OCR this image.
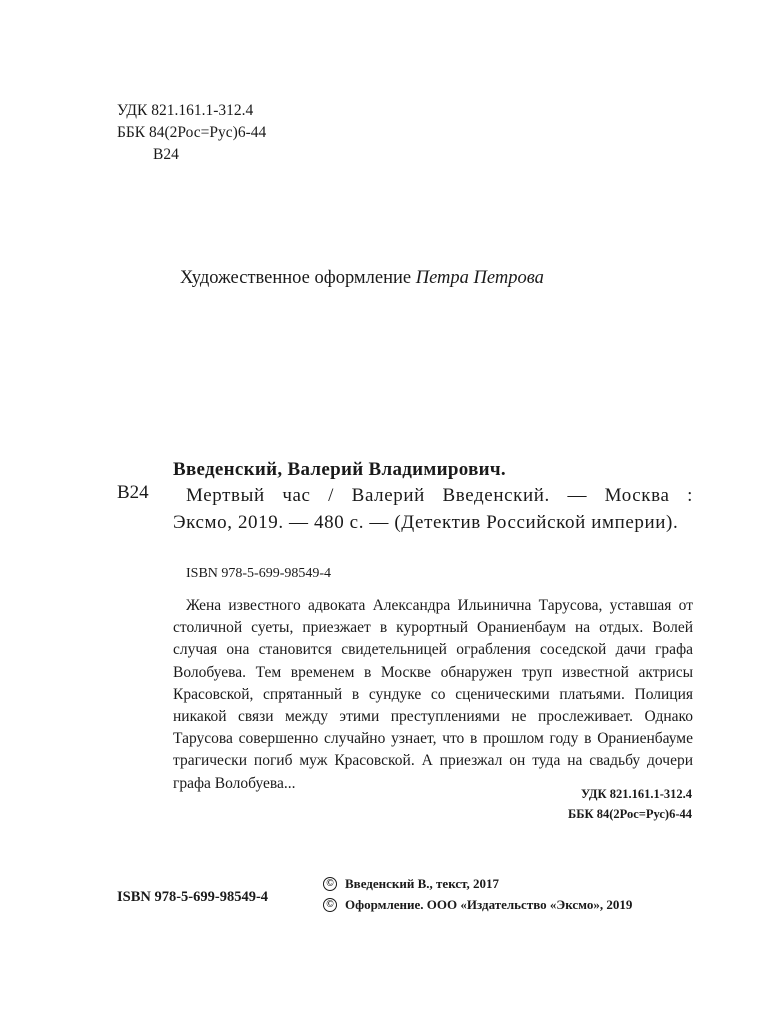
УДК 821.161.1-312.4
ББК 84(2Рос=Рус)6-44
В24
Художественное оформление Петра Петрова
Введенский, Валерий Владимирович.
В24	Мертвый час / Валерий Введенский. — Москва :
Эксмо, 2019. — 480 с. — (Детектив Российской империи).
ISBN 978-5-699-98549-4
Жена известного адвоката Александра Ильинична Тарусова, уставшая от столичной суеты, приезжает в курортный Ораниенбаум на отдых. Волей случая она становится свидетельницей ограбления соседской дачи графа Волобуева. Тем временем в Москве обнаружен труп известной актрисы Красовской, спрятанный в сундуке со сценическими платьями. Полиция никакой связи между этими преступлениями не прослеживает. Однако Тарусова совершенно случайно узнает, что в прошлом году в Ораниенбауме трагически погиб муж Красовской. А приезжал он туда на свадьбу дочери графа Волобуева...
УДК 821.161.1-312.4
ББК 84(2Рос=Рус)6-44
ISBN 978-5-699-98549-4
© Введенский В., текст, 2017
© Оформление. ООО «Издательство «Эксмо», 2019
